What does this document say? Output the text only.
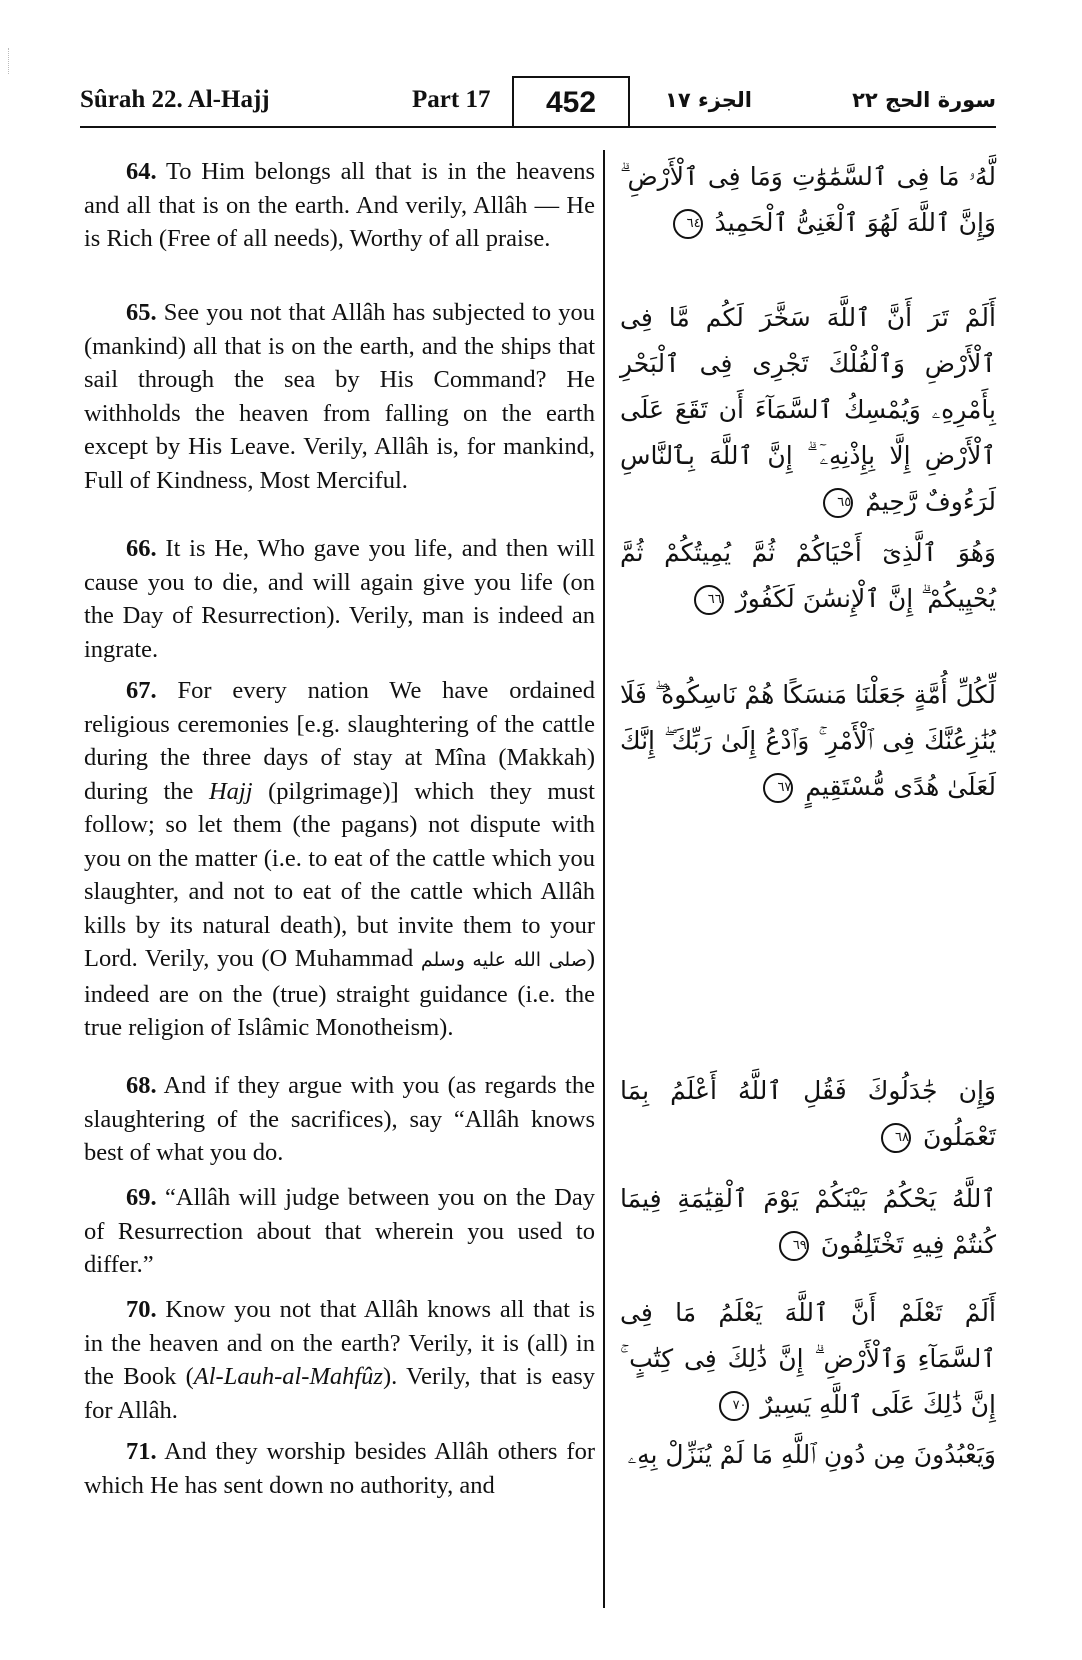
Sûrah 22. Al-Hajj	Part 17	452	الجزء ١٧	سورة الحج ٢٢

64. To Him belongs all that is in the heavens and all that is on the earth. And verily, Allâh — He is Rich (Free of all needs), Worthy of all praise.

65. See you not that Allâh has subjected to you (mankind) all that is on the earth, and the ships that sail through the sea by His Command? He withholds the heaven from falling on the earth except by His Leave. Verily, Allâh is, for mankind, Full of Kindness, Most Merciful.

66. It is He, Who gave you life, and then will cause you to die, and will again give you life (on the Day of Resurrection). Verily, man is indeed an ingrate.

67. For every nation We have ordained religious ceremonies [e.g. slaughtering of the cattle during the three days of stay at Mîna (Makkah) during the Hajj (pilgrimage)] which they must follow; so let them (the pagans) not dispute with you on the matter (i.e. to eat of the cattle which you slaughter, and not to eat of the cattle which Allâh kills by its natural death), but invite them to your Lord. Verily, you (O Muhammad صلى الله عليه وسلم) indeed are on the (true) straight guidance (i.e. the true religion of Islâmic Monotheism).

68. And if they argue with you (as regards the slaughtering of the sacrifices), say “Allâh knows best of what you do.

69. “Allâh will judge between you on the Day of Resurrection about that wherein you used to differ.”

70. Know you not that Allâh knows all that is in the heaven and on the earth? Verily, it is (all) in the Book (Al-Lauh-al-Mahfûz). Verily, that is easy for Allâh.

71. And they worship besides Allâh others for which He has sent down no authority, and

لَّهُۥ مَا فِى ٱلسَّمَٰوَٰتِ وَمَا فِى ٱلْأَرْضِ ۗ وَإِنَّ ٱللَّهَ لَهُوَ ٱلْغَنِىُّ ٱلْحَمِيدُ ٦٤
أَلَمْ تَرَ أَنَّ ٱللَّهَ سَخَّرَ لَكُم مَّا فِى ٱلْأَرْضِ وَٱلْفُلْكَ تَجْرِى فِى ٱلْبَحْرِ بِأَمْرِهِۦ وَيُمْسِكُ ٱلسَّمَآءَ أَن تَقَعَ عَلَى ٱلْأَرْضِ إِلَّا بِإِذْنِهِۦٓ ۗ إِنَّ ٱللَّهَ بِٱلنَّاسِ لَرَءُوفٌ رَّحِيمٌ ٦٥
وَهُوَ ٱلَّذِىٓ أَحْيَاكُمْ ثُمَّ يُمِيتُكُمْ ثُمَّ يُحْيِيكُمْ ۗ إِنَّ ٱلْإِنسَٰنَ لَكَفُورٌ ٦٦
لِّكُلِّ أُمَّةٍ جَعَلْنَا مَنسَكًا هُمْ نَاسِكُوهُ ۖ فَلَا يُنَٰزِعُنَّكَ فِى ٱلْأَمْرِ ۚ وَٱدْعُ إِلَىٰ رَبِّكَ ۖ إِنَّكَ لَعَلَىٰ هُدًى مُّسْتَقِيمٍ ٦٧
وَإِن جَٰدَلُوكَ فَقُلِ ٱللَّهُ أَعْلَمُ بِمَا تَعْمَلُونَ ٦٨
ٱللَّهُ يَحْكُمُ بَيْنَكُمْ يَوْمَ ٱلْقِيَٰمَةِ فِيمَا كُنتُمْ فِيهِ تَخْتَلِفُونَ ٦٩
أَلَمْ تَعْلَمْ أَنَّ ٱللَّهَ يَعْلَمُ مَا فِى ٱلسَّمَآءِ وَٱلْأَرْضِ ۗ إِنَّ ذَٰلِكَ فِى كِتَٰبٍ ۚ إِنَّ ذَٰلِكَ عَلَى ٱللَّهِ يَسِيرٌ ٧٠
وَيَعْبُدُونَ مِن دُونِ ٱللَّهِ مَا لَمْ يُنَزِّلْ بِهِۦ
